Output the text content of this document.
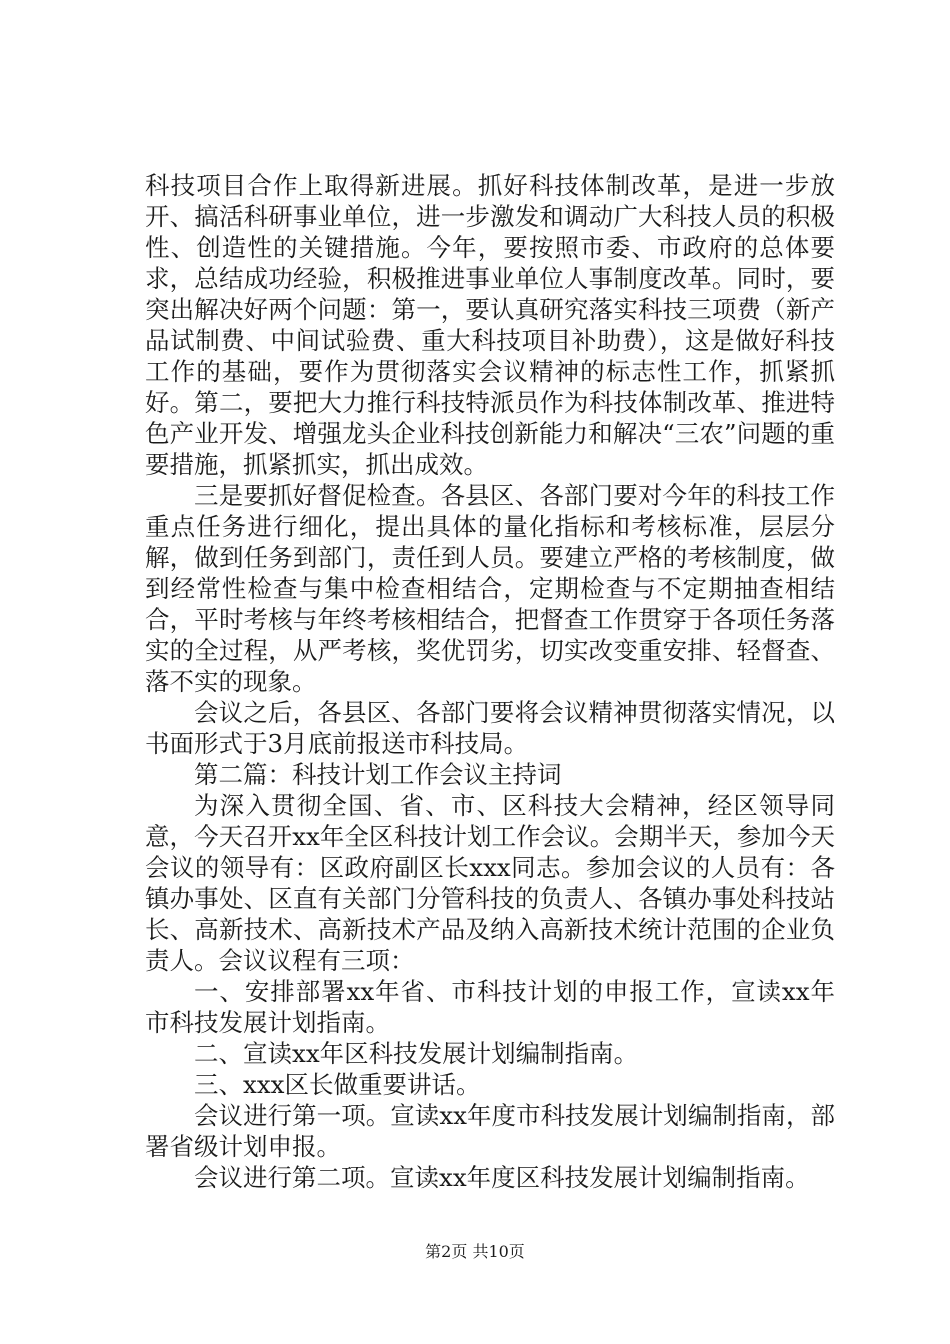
科技项目合作上取得新进展。抓好科技体制改革，是进一步放开、搞活科研事业单位，进一步激发和调动广大科技人员的积极性、创造性的关键措施。今年，要按照市委、市政府的总体要求，总结成功经验，积极推进事业单位人事制度改革。同时，要突出解决好两个问题：第一，要认真研究落实科技三项费（新产品试制费、中间试验费、重大科技项目补助费），这是做好科技工作的基础，要作为贯彻落实会议精神的标志性工作，抓紧抓好。第二，要把大力推行科技特派员作为科技体制改革、推进特色产业开发、增强龙头企业科技创新能力和解决“三农”问题的重要措施，抓紧抓实，抓出成效。

三是要抓好督促检查。各县区、各部门要对今年的科技工作重点任务进行细化，提出具体的量化指标和考核标准，层层分解，做到任务到部门，责任到人员。要建立严格的考核制度，做到经常性检查与集中检查相结合，定期检查与不定期抽查相结合，平时考核与年终考核相结合，把督查工作贯穿于各项任务落实的全过程，从严考核，奖优罚劣，切实改变重安排、轻督查、落不实的现象。

会议之后，各县区、各部门要将会议精神贯彻落实情况，以书面形式于3月底前报送市科技局。

第二篇：科技计划工作会议主持词

为深入贯彻全国、省、市、区科技大会精神，经区领导同意，今天召开xx年全区科技计划工作会议。会期半天，参加今天会议的领导有：区政府副区长xxx同志。参加会议的人员有：各镇办事处、区直有关部门分管科技的负责人、各镇办事处科技站长、高新技术、高新技术产品及纳入高新技术统计范围的企业负责人。会议议程有三项：

一、安排部署xx年省、市科技计划的申报工作，宣读xx年市科技发展计划指南。

二、宣读xx年区科技发展计划编制指南。

三、xxx区长做重要讲话。

会议进行第一项。宣读xx年度市科技发展计划编制指南，部署省级计划申报。

会议进行第二项。宣读xx年度区科技发展计划编制指南。

第2页 共10页
